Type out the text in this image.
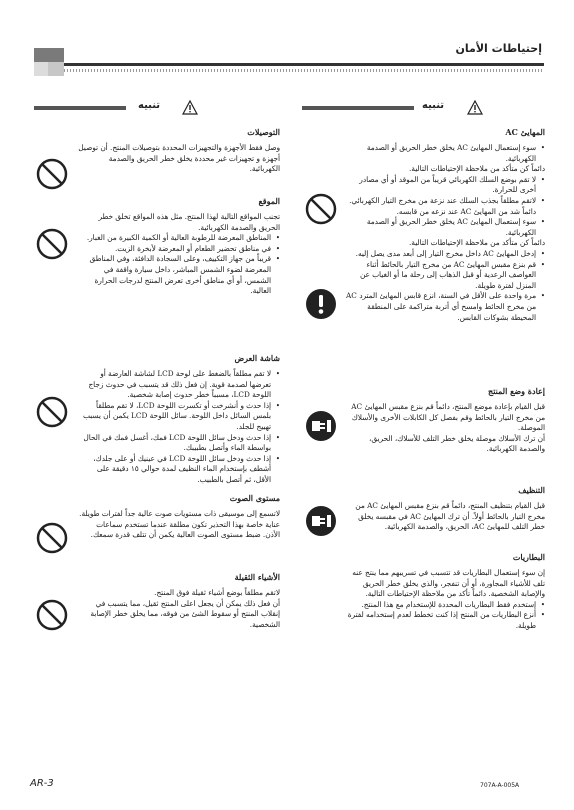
إحتياطات الأمان
تنبيه
تنبيه
المهايئ AC
• سوء إستعمال المهايئ AC يخلق خطر الحريق أو الصدمة الكهربائية.
دائماً كن متأكد من ملاحظة الإحتياطات التالية.
• لا تقم بوضع السلك الكهربائي قريباً من الموقد أو أي مصادر أخرى للحرارة.
• لاتقم مطلقاً بجذب السلك عند نزعة من مخرج التيار الكهربائي. دائماً شد من المهايئ AC عند نزعه من قابسه.
• سوء إستعمال المهايئ AC يخلق خطر الحريق أو الصدمة الكهربائية.
دائماً كن متأكد من ملاحظة الإحتياطات التالية.
• إدخل المهايئ AC داخل مخرج التيار إلى أبعد مدى يصل إليه.
• قم بنزع مقبس المهايئ AC من مخرج التيار بالحائط أثناء العواصف الرعدية أو قبل الذهاب إلى رحلة ما أو الغياب عن المنزل لفترة طويلة.
• مرة واحدة على الأقل في السنة، انزع قابس المهايئ المترد AC من مخرج الحائط وامسح أي أتربة متراكمة على المنطقة المحيطة بشوكات القابس.
إعادة وضع المنتج
قبل القيام بإعادة موضع المنتج، دائماً قم بنزع مقبس المهايئ AC من مخرج التيار بالحائط وقم بفصل كل الكابلات الأخرى والأسلاك الموصلة.
أن ترك الأسلاك موصلة يخلق خطر التلف للأسلاك، الحريق، والصدمة الكهربائية.
التنظيف
قبل القيام بتنظيف المنتج، دائماً قم بنزع مقبس المهايئ AC من مخرج التيار بالحائط أولاً. أن ترك المهايئ AC في مقبسه يخلق خطر التلف للمهايئ AC، الحريق، والصدمة الكهربائية.
البطاريات
إن سوء إستعمال البطاريات قد تتسبب في تسريبهم مما ينتج عنه تلف للأشياء المجاورة، أو أن تنفجر، والذي يخلق خطر الحريق والإصابة الشخصية. دائماً تأكد من ملاحظة الإحتياطات التالية.
• إستخدم فقط البطاريات المحددة للإستخدام مع هذا المنتج.
• أنزع البطاريات من المنتج إذا كنت تخطط لعدم إستخدامه لفترة طويلة.
التوصيلات
وصل فقط الأجهزة والتجهيزات المحددة بتوصيلات المنتج. أن توصيل أجهزة و تجهيزات غير محددة يخلق خطر الحريق والصدمة الكهربائية.
الموقع
تجنب المواقع التالية لهذا المنتج. مثل هذه المواقع تخلق خطر الحريق والصدمة الكهربائية.
• المناطق المعرضة للرطوبة العالية أو الكمية الكبيرة من الغبار.
• في مناطق تحضير الطعام أو المعرضة لأبخرة الزيت.
• قريباً من جهاز التكييف، وعلى السجادة الدافئة، وفي المناطق المعرضة لضوء الشمس المباشر، داخل سيارة واقفة في الشمس، أو أي مناطق أخرى تعرض المنتج لدرجات الحرارة العالية.
شاشة العرض
• لا تقم مطلقاً بالضغط على لوحة LCD لشاشة العارضة أو تعرضها لصدمة قوية. إن فعل ذلك قد يتسبب في حدوث زجاج اللوحة LCD، مسبباً خطر حدوث إصابة شخصية.
• إذا حدث و أنشرخت أو تكسرت اللوحة LCD، لا تقم مطلقاً بلمس السائل داخل اللوحة. سائل اللوحة LCD يكمن أن يسبب تهييج للجلد.
• إذا حدث ودخل سائل اللوحة LCD فمك، أغسل فمك في الحال بواسطة الماء وأتصل بطبيبك.
• إذا حدث ودخل سائل اللوحة LCD في عينيك أو على جلدك، أشطف بإستخدام الماء النظيف لمدة حوالي ١٥ دقيقة على الأقل، ثم أتصل بالطبيب.
مستوى الصوت
لاتسمع إلى موسيقى ذات مستويات صوت عالية جداً لفترات طويلة. عناية خاصة بهذا التحذير تكون مطلقة عندما تستخدم سماعات الأذن. ضبط مستوى الصوت العالية يكمن أن تتلف قدرة سمعك.
الأشياء الثقيلة
لاتقم مطلقاً بوضع أشياء ثقيلة فوق المنتج.
أن فعل ذلك يمكن أن يجعل اعلى المنتج ثقيل، مما يتسبب في إنقلاب المنتج أو سقوط الشئ من فوقه، مما يخلق خطر الإصابة الشخصية.
AR-3	707A-A-005A
